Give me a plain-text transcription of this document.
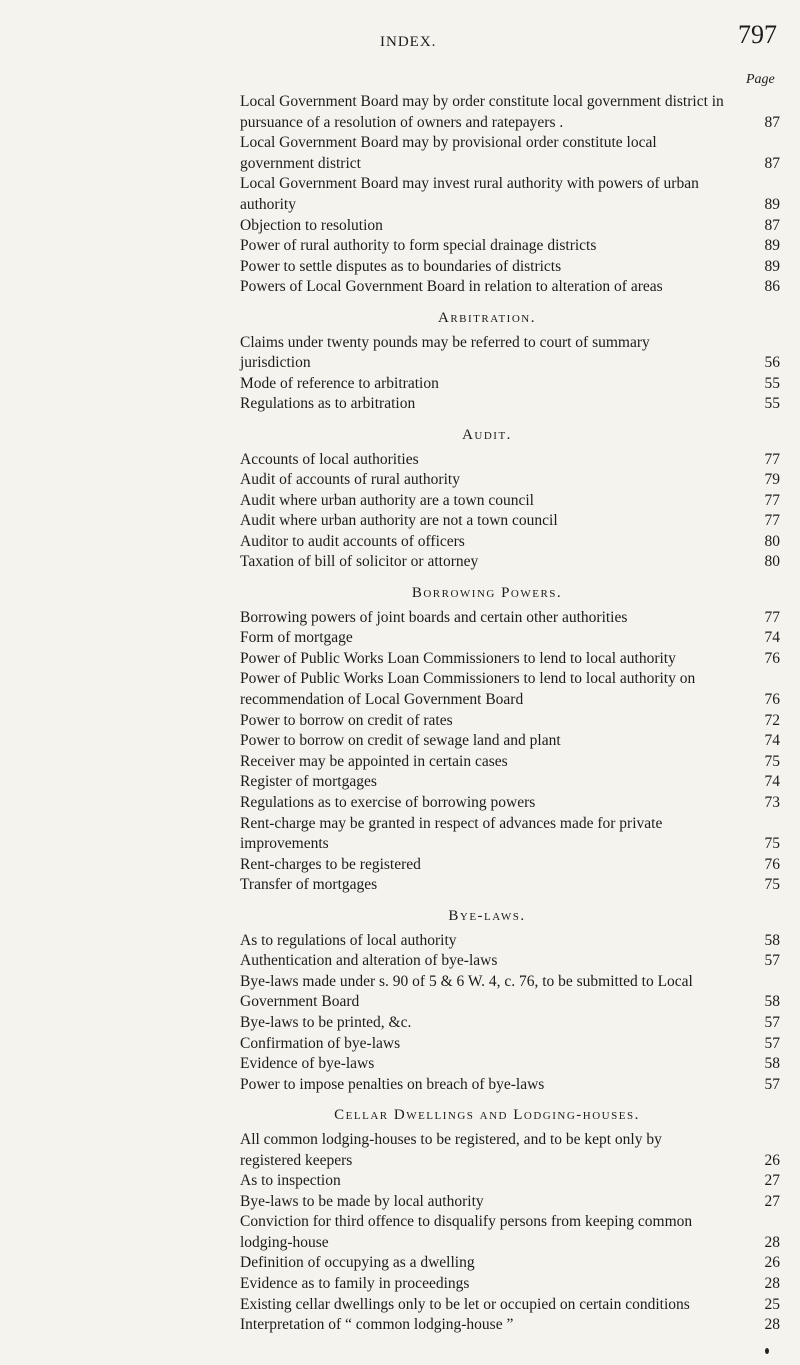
INDEX.	797
Page
Local Government Board may by order constitute local government district in pursuance of a resolution of owners and ratepayers .	87
Local Government Board may by provisional order constitute local government district	87
Local Government Board may invest rural authority with powers of urban authority	89
Objection to resolution	87
Power of rural authority to form special drainage districts	89
Power to settle disputes as to boundaries of districts	89
Powers of Local Government Board in relation to alteration of areas	86
Arbitration.
Claims under twenty pounds may be referred to court of summary jurisdiction	56
Mode of reference to arbitration	55
Regulations as to arbitration	55
Audit.
Accounts of local authorities	77
Audit of accounts of rural authority	79
Audit where urban authority are a town council	77
Audit where urban authority are not a town council	77
Auditor to audit accounts of officers	80
Taxation of bill of solicitor or attorney	80
Borrowing Powers.
Borrowing powers of joint boards and certain other authorities	77
Form of mortgage	74
Power of Public Works Loan Commissioners to lend to local authority	76
Power of Public Works Loan Commissioners to lend to local authority on recommendation of Local Government Board	76
Power to borrow on credit of rates	72
Power to borrow on credit of sewage land and plant	74
Receiver may be appointed in certain cases	75
Register of mortgages	74
Regulations as to exercise of borrowing powers	73
Rent-charge may be granted in respect of advances made for private improvements	75
Rent-charges to be registered	76
Transfer of mortgages	75
Bye-laws.
As to regulations of local authority	58
Authentication and alteration of bye-laws	57
Bye-laws made under s. 90 of 5 & 6 W. 4, c. 76, to be submitted to Local Government Board	58
Bye-laws to be printed, &c.	57
Confirmation of bye-laws	57
Evidence of bye-laws	58
Power to impose penalties on breach of bye-laws	57
Cellar Dwellings and Lodging-houses.
All common lodging-houses to be registered, and to be kept only by registered keepers	26
As to inspection	27
Bye-laws to be made by local authority	27
Conviction for third offence to disqualify persons from keeping common lodging-house	28
Definition of occupying as a dwelling	26
Evidence as to family in proceedings	28
Existing cellar dwellings only to be let or occupied on certain conditions	25
Interpretation of “ common lodging-house ”	28
